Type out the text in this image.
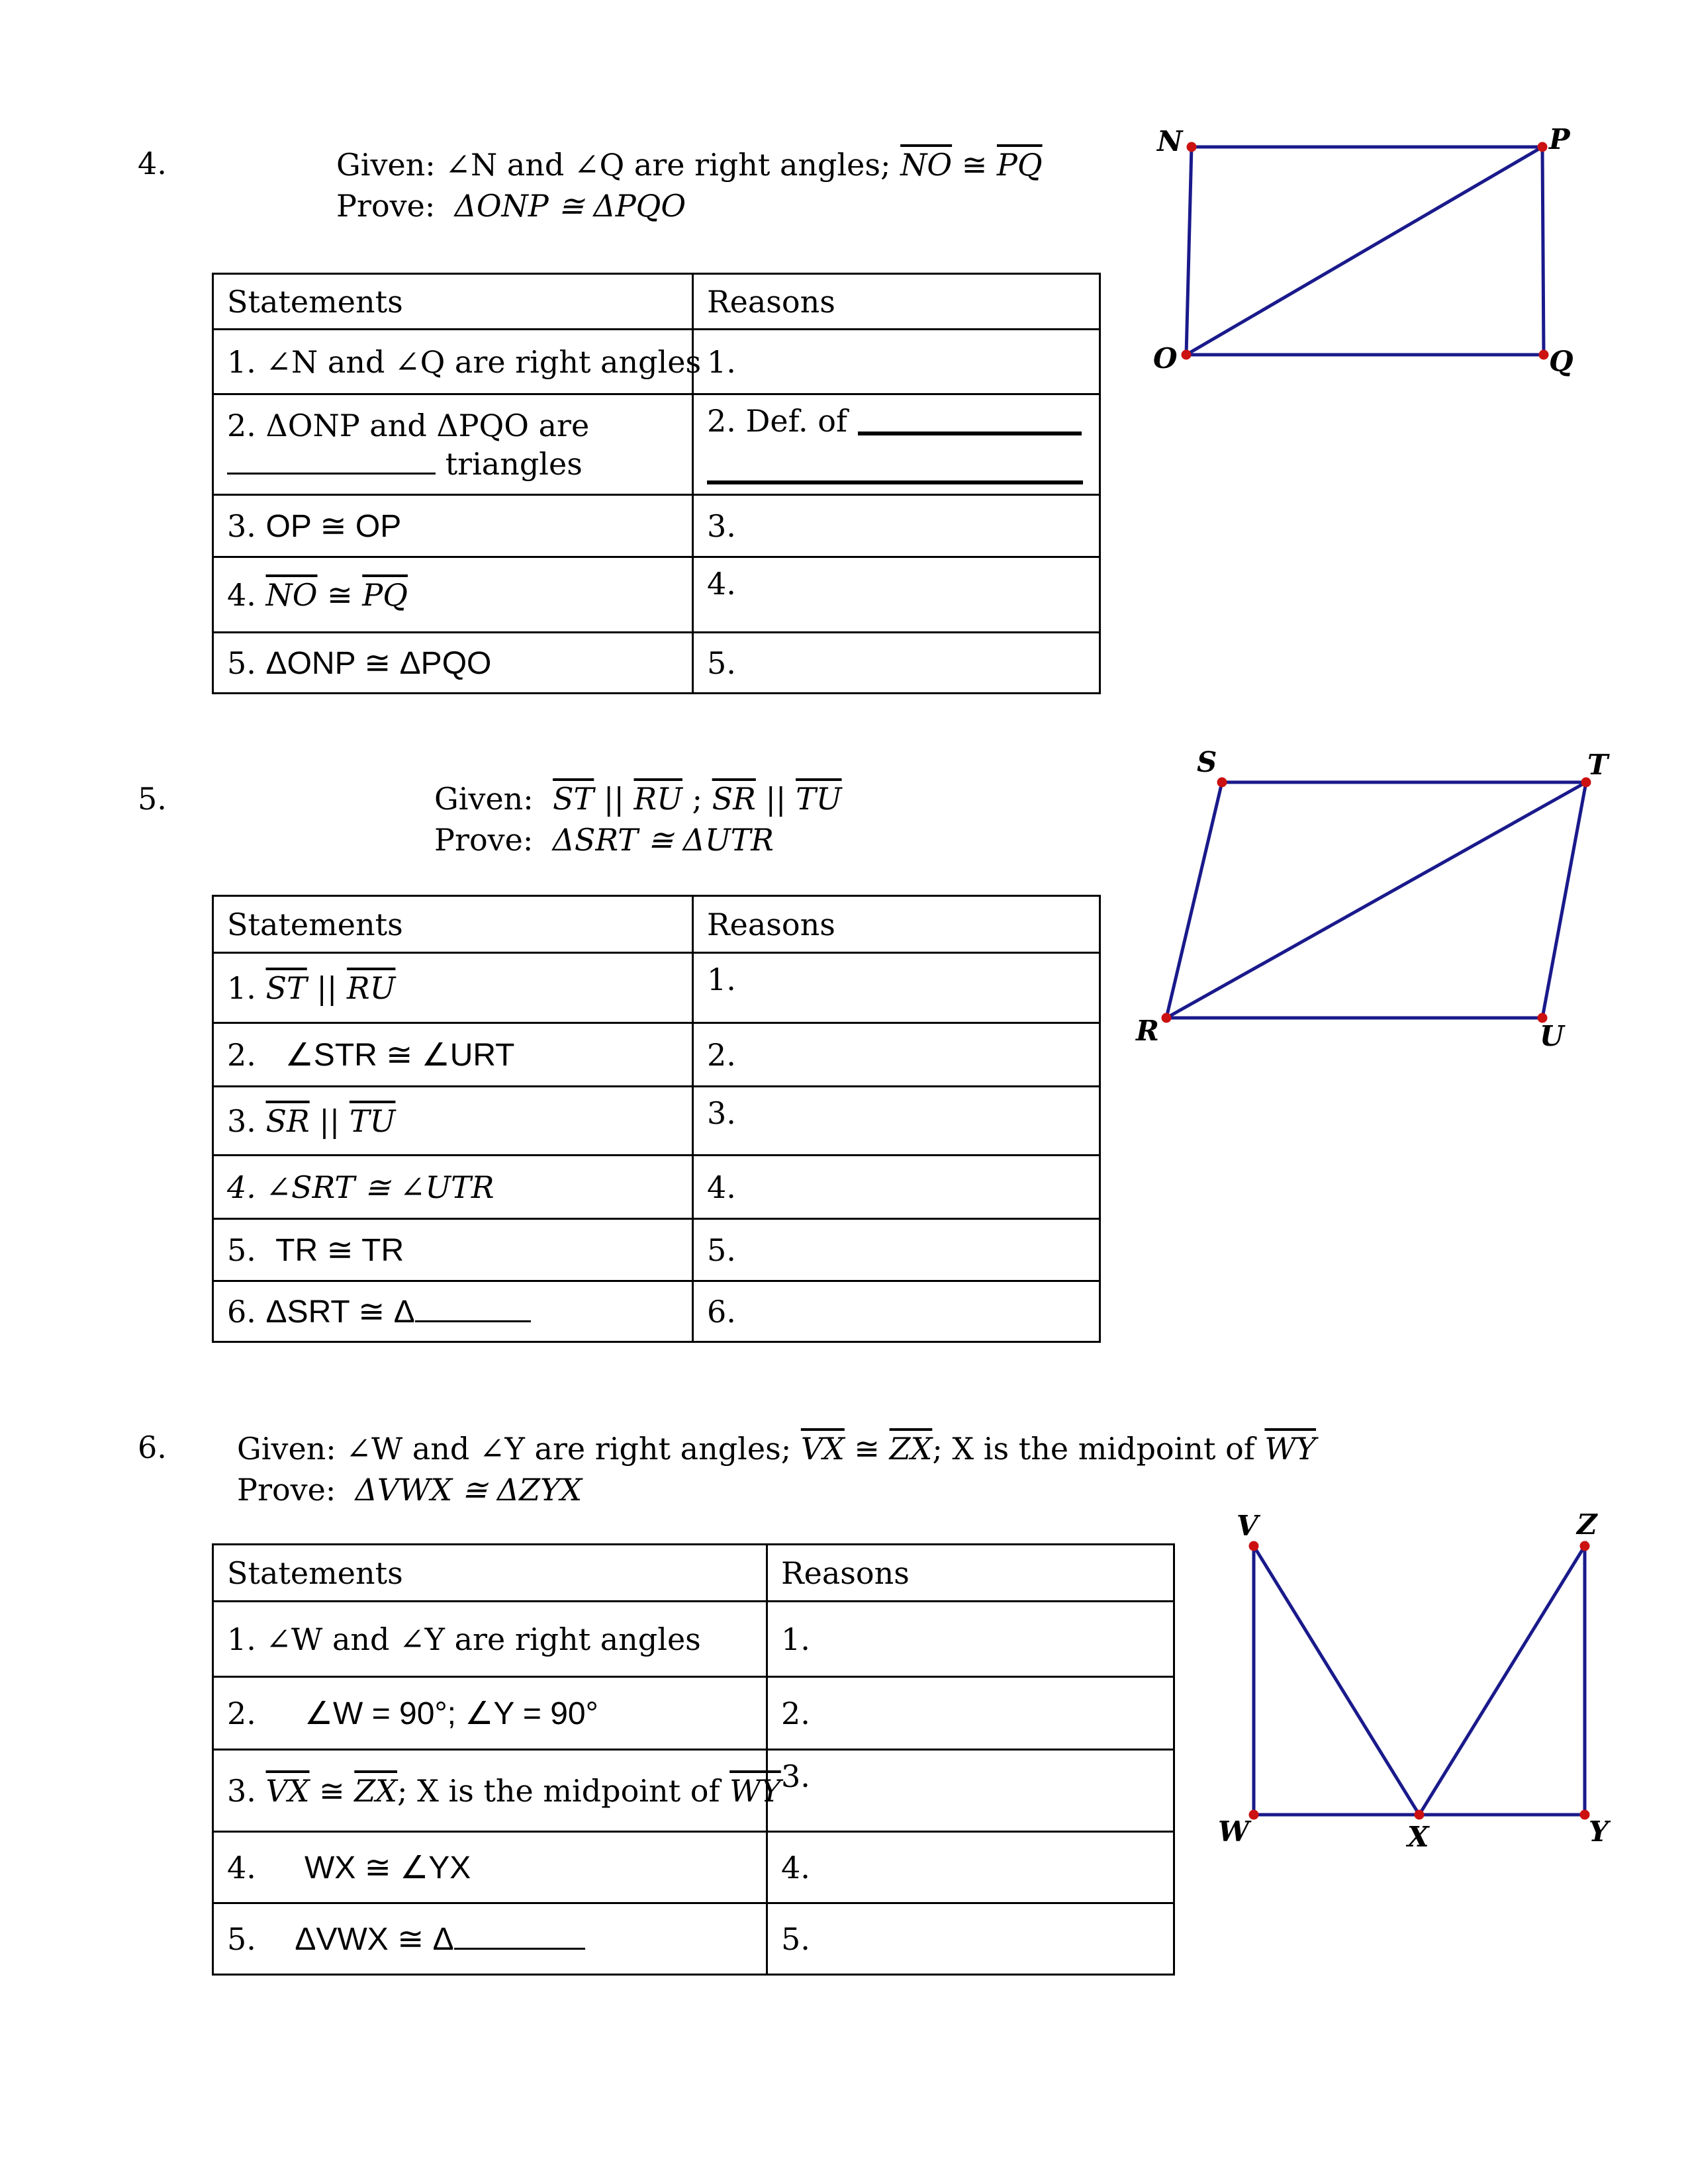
4.	Given: ∠N and ∠Q are right angles; $\overline{NO}$ ≅ $\overline{PQ}$
Prove: ΔONP ≅ ΔPQO
Statements	Reasons
1. ∠N and ∠Q are right angles	1.

2. ΔONP and ΔPQO are
triangles	2. Def. of
3. OP ≅ OP	3.
4. $\overline{NO}$ ≅ $\overline{PQ}$	4.
5. ΔONP ≅ ΔPQO	5.
5.	Given: $\overline{ST}$ || $\overline{RU}$ ; $\overline{SR}$ || $\overline{TU}$
Prove: ΔSRT ≅ ΔUTR
Statements	Reasons
1. $\overline{ST}$ || $\overline{RU}$	1.
2. ∠STR ≅ ∠URT	2.
3. $\overline{SR}$ || $\overline{TU}$	3.
4. ∠SRT ≅ ∠UTR	4.
5. TR ≅ TR	5.
6. ΔSRT ≅ Δ	6.
6. Given: ∠W and ∠Y are right angles; $\overline{VX}$ ≅ $\overline{ZX}$; X is the midpoint of $\overline{WY}$
Prove: ΔVWX ≅ ΔZYX
Statements	Reasons
1. ∠W and ∠Y are right angles	1.
2. ∠W = 90°; ∠Y = 90°	2.
3. $\overline{VX}$ ≅ $\overline{ZX}$; X is the midpoint of $\overline{WY}$	3.
4. WX ≅ ∠YX	4.
5. ΔVWX ≅ Δ	5.
N	P
O	Q
S	T
R	U
V	Z
W	X	Y
